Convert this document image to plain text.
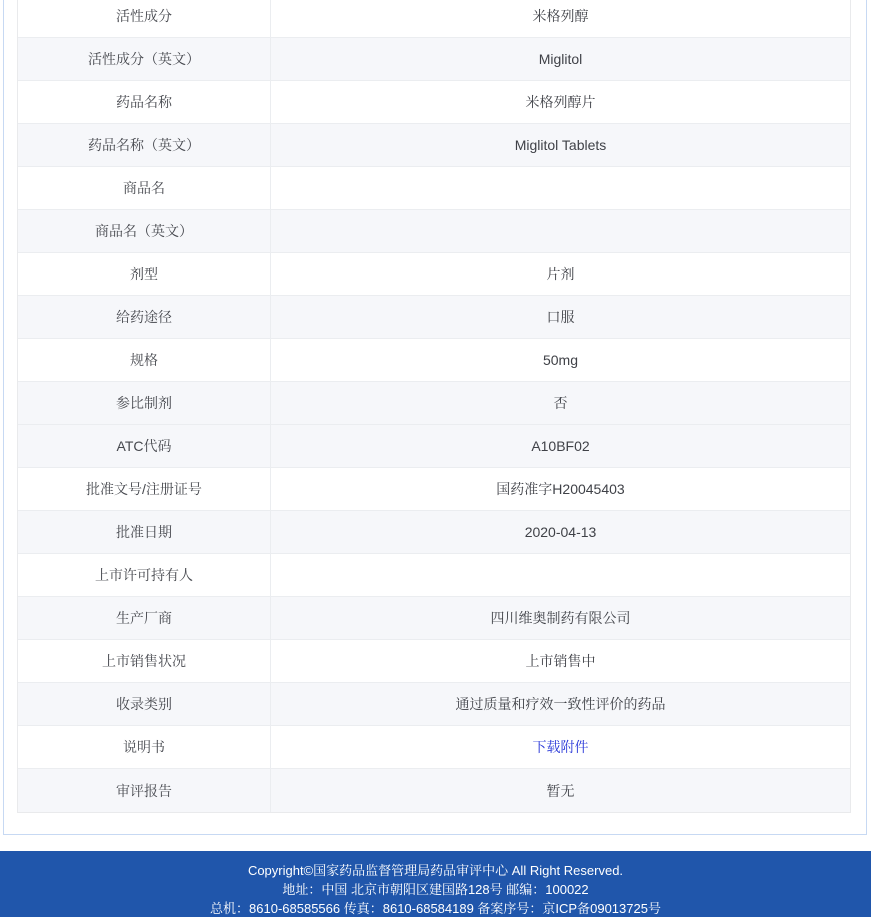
活性成分	米格列醇
活性成分（英文）	Miglitol
药品名称	米格列醇片
药品名称（英文）	Miglitol Tablets
商品名
商品名（英文）
剂型	片剂
给药途径	口服
规格	50mg
参比制剂	否
ATC代码	A10BF02
批准文号/注册证号	国药准字H20045403
批准日期	2020-04-13
上市许可持有人
生产厂商	四川维奥制药有限公司
上市销售状况	上市销售中
收录类别	通过质量和疗效一致性评价的药品
说明书	下载附件
审评报告	暂无
Copyright©国家药品监督管理局药品审评中心 All Right Reserved.
地址：中国 北京市朝阳区建国路128号 邮编：100022
总机：8610-68585566 传真：8610-68584189 备案序号：京ICP备09013725号
